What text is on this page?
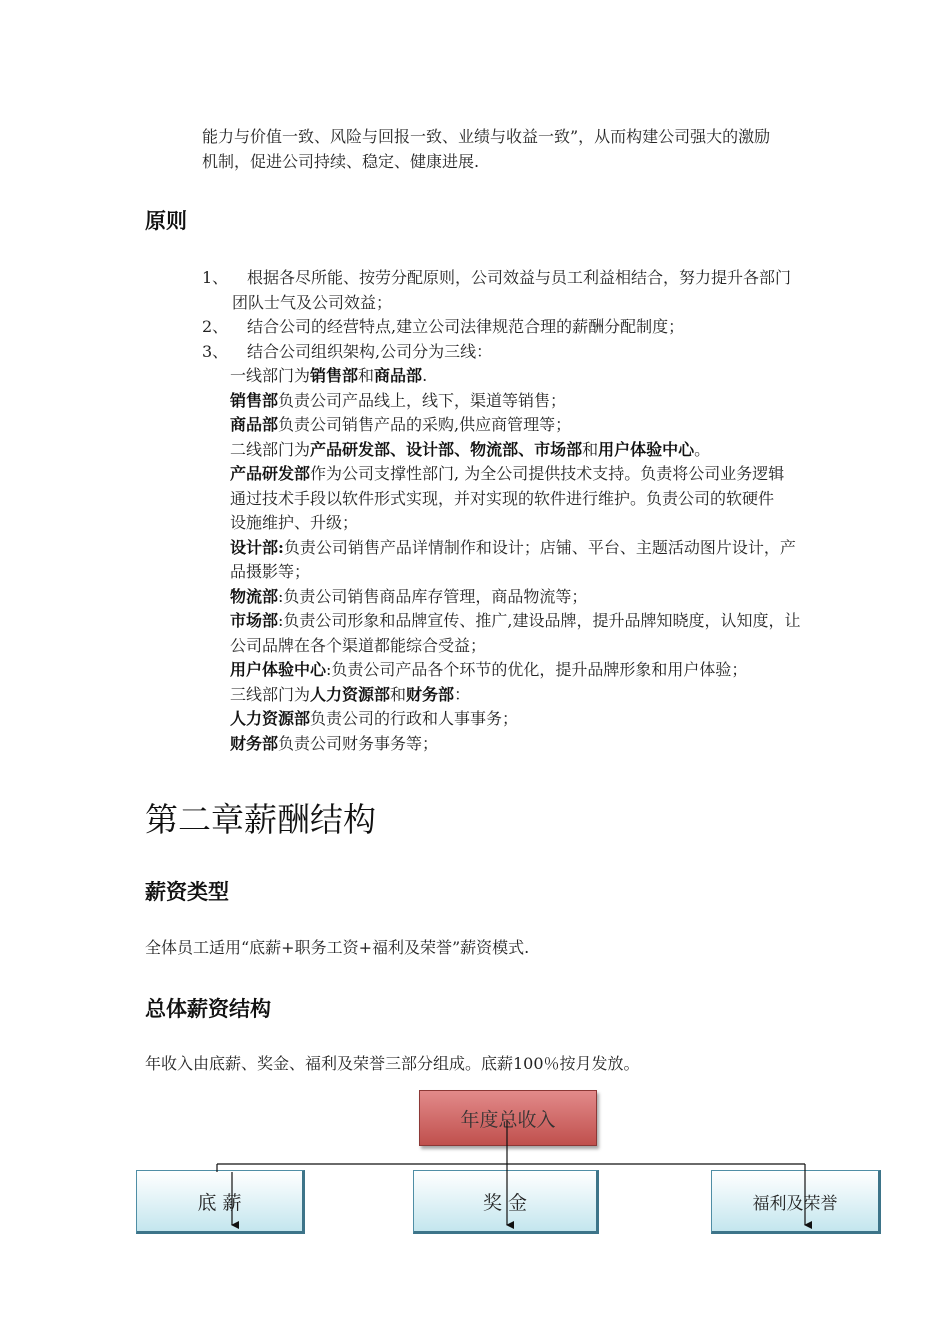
能力与价值一致、风险与回报一致、业绩与收益一致”，从而构建公司强大的激励
机制，促进公司持续、稳定、健康进展.
原则
1、	根据各尽所能、按劳分配原则，公司效益与员工利益相结合，努力提升各部门
团队士气及公司效益；
2、	结合公司的经营特点,建立公司法律规范合理的薪酬分配制度；
3、	结合公司组织架构,公司分为三线：
一线部门为销售部和商品部.
销售部负责公司产品线上，线下，渠道等销售；
商品部负责公司销售产品的采购,供应商管理等；
二线部门为产品研发部、设计部、物流部、市场部和用户体验中心。
产品研发部作为公司支撑性部门, 为全公司提供技术支持。负责将公司业务逻辑
通过技术手段以软件形式实现，并对实现的软件进行维护。负责公司的软硬件
设施维护、升级；
设计部:负责公司销售产品详情制作和设计；店铺、平台、主题活动图片设计，产
品摄影等；
物流部:负责公司销售商品库存管理，商品物流等；
市场部:负责公司形象和品牌宣传、推广,建设品牌，提升品牌知晓度，认知度，让
公司品牌在各个渠道都能综合受益；
用户体验中心:负责公司产品各个环节的优化，提升品牌形象和用户体验；
三线部门为人力资源部和财务部：
人力资源部负责公司的行政和人事事务；
财务部负责公司财务事务等；
第二章薪酬结构
薪资类型
全体员工适用“底薪+职务工资+福利及荣誉”薪资模式.
总体薪资结构
年收入由底薪、奖金、福利及荣誉三部分组成。底薪100％按月发放。
年度总收入
底 薪	奖 金	福利及荣誉
